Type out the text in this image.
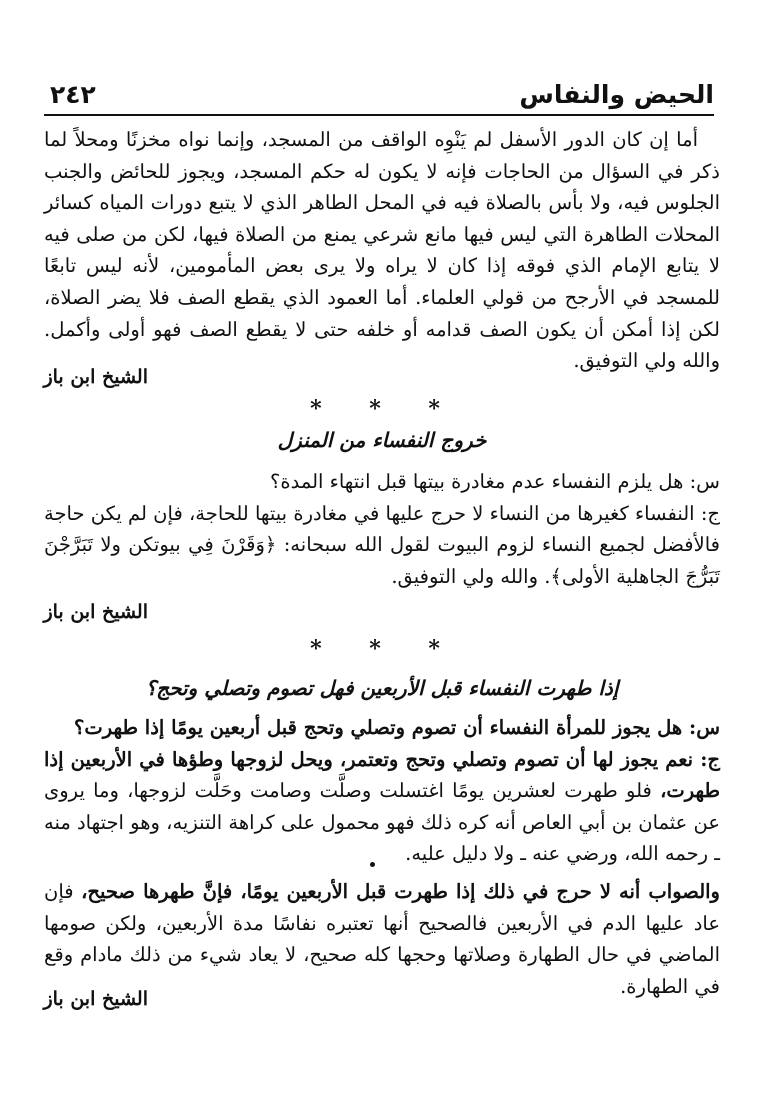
الحيض والنفاس
٢٤٢

أما إن كان الدور الأسفل لم يَنْوِه الواقف من المسجد، وإنما نواه مخزنًا ومحلاً لما ذكر في السؤال من الحاجات فإنه لا يكون له حكم المسجد، ويجوز للحائض والجنب الجلوس فيه، ولا بأس بالصلاة فيه في المحل الطاهر الذي لا يتبع دورات المياه كسائر المحلات الطاهرة التي ليس فيها مانع شرعي يمنع من الصلاة فيها، لكن من صلى فيه لا يتابع الإمام الذي فوقه إذا كان لا يراه ولا يرى بعض المأمومين، لأنه ليس تابعًا للمسجد في الأرجح من قولي العلماء. أما العمود الذي يقطع الصف فلا يضر الصلاة، لكن إذا أمكن أن يكون الصف قدامه أو خلفه حتى لا يقطع الصف فهو أولى وأكمل. والله ولي التوفيق.

الشيخ ابن باز
* * *
خروج النفساء من المنزل

س: هل يلزم النفساء عدم مغادرة بيتها قبل انتهاء المدة؟

ج: النفساء كغيرها من النساء لا حرج عليها في مغادرة بيتها للحاجة، فإن لم يكن حاجة فالأفضل لجميع النساء لزوم البيوت لقول الله سبحانه: ﴿وَقَرْنَ فِي بيوتكن ولا تَبَرَّجْنَ تَبَرُّجَ الجاهلية الأولى﴾. والله ولي التوفيق.

الشيخ ابن باز
* * *
إذا طهرت النفساء قبل الأربعين فهل تصوم وتصلي وتحج؟

س: هل يجوز للمرأة النفساء أن تصوم وتصلي وتحج قبل أربعين يومًا إذا طهرت؟

ج: نعم يجوز لها أن تصوم وتصلي وتحج وتعتمر، ويحل لزوجها وطؤها في الأربعين إذا طهرت، فلو طهرت لعشرين يومًا اغتسلت وصلَّت وصامت وحَلَّت لزوجها، وما يروى عن عثمان بن أبي العاص أنه كره ذلك فهو محمول على كراهة التنزيه، وهو اجتهاد منه ـ رحمه الله، ورضي عنه ـ ولا دليل عليه.

والصواب أنه لا حرج في ذلك إذا طهرت قبل الأربعين يومًا، فإنَّ طهرها صحيح، فإن عاد عليها الدم في الأربعين فالصحيح أنها تعتبره نفاسًا مدة الأربعين، ولكن صومها الماضي في حال الطهارة وصلاتها وحجها كله صحيح، لا يعاد شيء من ذلك مادام وقع في الطهارة.

الشيخ ابن باز
